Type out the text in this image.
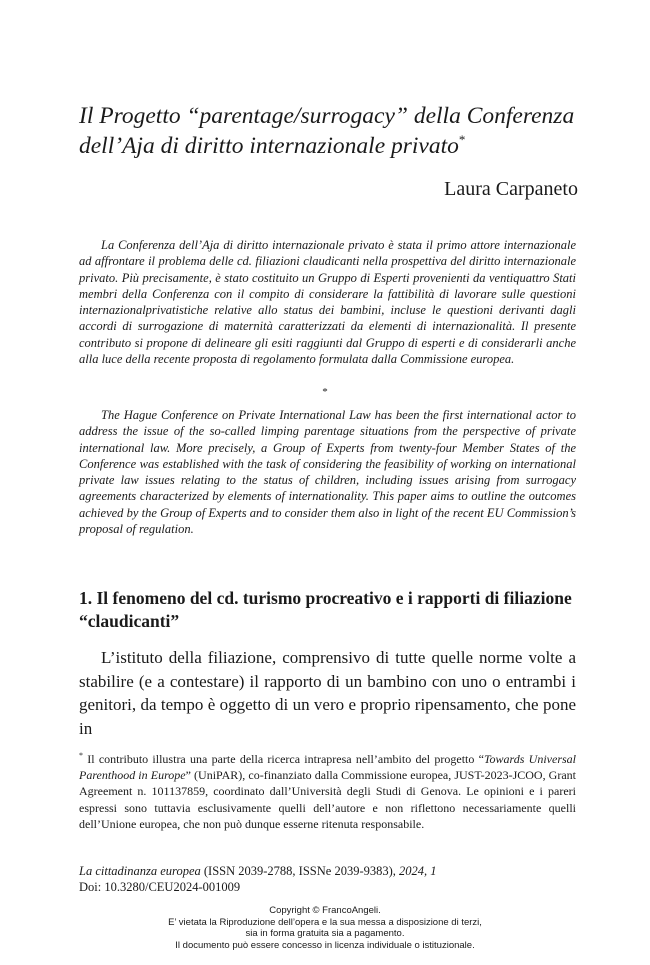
Il Progetto “parentage/surrogacy” della Conferenza dell’Aja di diritto internazionale privato*
Laura Carpaneto

La Conferenza dell’Aja di diritto internazionale privato è stata il primo attore internazionale ad affrontare il problema delle cd. filiazioni claudicanti nella prospettiva del diritto internazionale privato. Più precisamente, è stato costituito un Gruppo di Esperti provenienti da ventiquattro Stati membri della Conferenza con il compito di considerare la fattibilità di lavorare sulle questioni internazionalprivatistiche relative allo status dei bambini, incluse le questioni derivanti dagli accordi di surrogazione di maternità caratterizzati da elementi di internazionalità. Il presente contributo si propone di delineare gli esiti raggiunti dal Gruppo di esperti e di considerarli anche alla luce della recente proposta di regolamento formulata dalla Commissione europea.

*

The Hague Conference on Private International Law has been the first international actor to address the issue of the so-called limping parentage situations from the perspective of private international law. More precisely, a Group of Experts from twenty-four Member States of the Conference was established with the task of considering the feasibility of working on international private law issues relating to the status of children, including issues arising from surrogacy agreements characterized by elements of internationality. This paper aims to outline the outcomes achieved by the Group of Experts and to consider them also in light of the recent EU Commission’s proposal of regulation.

1. Il fenomeno del cd. turismo procreativo e i rapporti di filiazione “claudicanti”

L’istituto della filiazione, comprensivo di tutte quelle norme volte a stabilire (e a contestare) il rapporto di un bambino con uno o entrambi i genitori, da tempo è oggetto di un vero e proprio ripensamento, che pone in

* Il contributo illustra una parte della ricerca intrapresa nell’ambito del progetto “Towards Universal Parenthood in Europe” (UniPAR), co-finanziato dalla Commissione europea, JUST-2023-JCOO, Grant Agreement n. 101137859, coordinato dall’Università degli Studi di Genova. Le opinioni e i pareri espressi sono tuttavia esclusivamente quelli dell’autore e non riflettono necessariamente quelli dell’Unione europea, che non può dunque esserne ritenuta responsabile.

La cittadinanza europea (ISSN 2039-2788, ISSNe 2039-9383), 2024, 1

Doi: 10.3280/CEU2024-001009

Copyright © FrancoAngeli.
E’ vietata la Riproduzione dell’opera e la sua messa a disposizione di terzi,
sia in forma gratuita sia a pagamento.
Il documento può essere concesso in licenza individuale o istituzionale.
